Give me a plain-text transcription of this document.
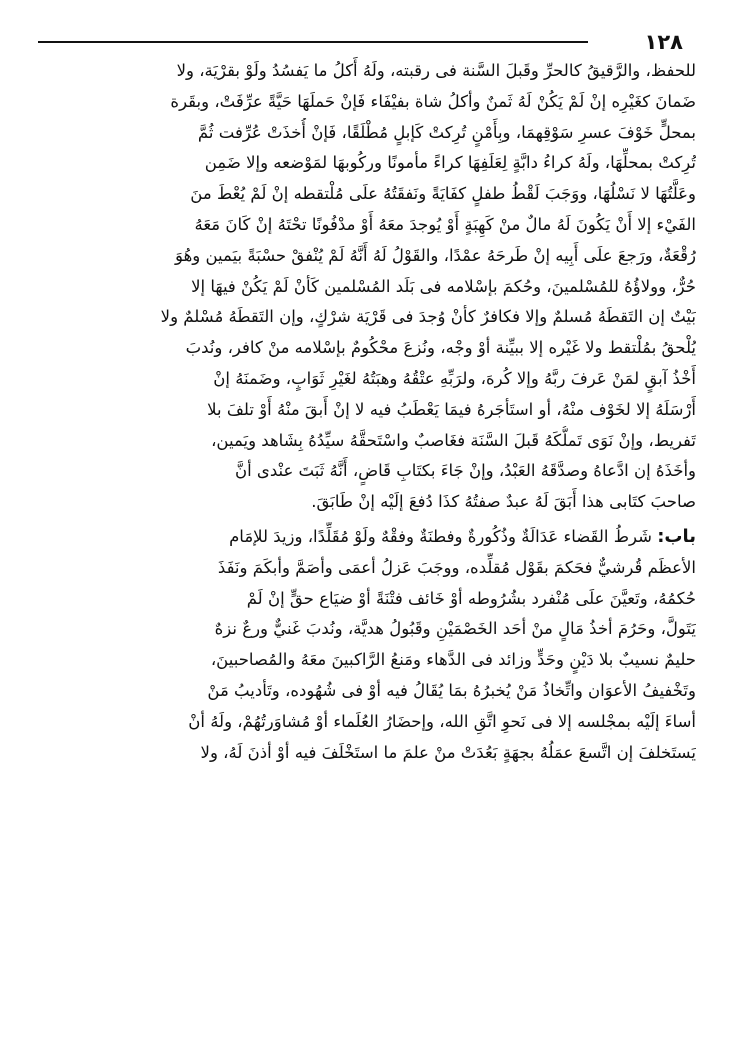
١٢٨
للحفظ، والرَّقيقُ كالحرِّ وقَبلَ السَّنة فى رقبته، ولَهُ أَكلُ ما يَفسُدُ ولَوْ بقرْيَة، ولا
ضَمانَ كغَيْرِه إنْ لَمْ يَكُنْ لَهُ ثَمنٌ وأكلُ شاة بفيْفَاء فَإنْ حَملَهَا حَيَّةً عرِّفَتْ، وبقَرة
بمحلٍّ خَوْفَ عسرِ سَوْقِهمَا، وبِأَمْنٍ تُرِكتْ كَإبلٍ مُطْلَقًا، فَإنْ أُخذَتْ عُرِّفت ثُمَّ
تُرِكتْ بمحلِّهَا، ولَهُ كراءُ دابَّةٍ لِعَلَفِهَا كراءً مأمونًا وركُوبهَا لمَوْضعه وإلا ضَمِن
وعَلَّتُهَا لا نَسْلُهَا، ووَجَبَ لَقْطُ طفلٍ كفَايَةً ونَفقَتُهُ علَى مُلْتقطه إنْ لَمْ يُعْطَ منَ
الفَيْء إلا أَنْ يَكُونَ لَهُ مالٌ منْ كَهِبَةٍ أَوْ يُوجدَ معَهُ أَوْ مدْفُونًا تحْتَهُ إنْ كَانَ مَعَهُ
رُقْعَةٌ، ورَجعَ علَى أَبِيه إنْ طَرحَهُ عمْدًا، والقَوْلُ لَهُ أَنَّهُ لَمْ يُنْفقْ حسْبَةً بيَمين وهُوَ
حُرٌّ، وولاؤُهُ للمُسْلمينَ، وحُكمَ بإسْلامه فى بَلَد المُسْلمين كَأنْ لَمْ يَكُنْ فيهَا إلا
بَيْتٌ إن التَقطَهُ مُسلمٌ وإلا فكافرٌ كأنْ وُجدَ فى قَرْيَة شرْكٍ، وإن التَقطَهُ مُسْلمٌ ولا
يُلْحقُ بمُلْتقط ولا غَيْره إلا ببيِّنة أوْ وجْه، ونُزعَ محْكُومٌ بإسْلامه منْ كافر، ونُدبَ
أَخْذُ آبقٍ لمَنْ عَرفَ ربَّهُ وإلا كُرهَ، ولرَبِّهِ عتْقُهُ وهبَتُهُ لغَيْرِ ثَوَابٍ، وضَمنَهُ إنْ
أَرْسَلَهُ إلا لخَوْف منْهُ، أو استَأجَرهُ فيمَا يَعْطَبُ فيه لا إنْ أَبقَ منْهُ أَوْ تلفَ بلا
تَفريط، وإنْ نَوَى تَملُّكَهُ قَبلَ السَّنَة فغَاصبٌ واسْتَحقَّهُ سيِّدُهُ بِشَاهد ويَمين،
وأخَذَهُ إن ادَّعاهُ وصدَّقَهُ العَبْدُ، وإنْ جَاءَ بكتَابِ قَاضٍ، أَنَّهُ ثَبَتَ عنْدى أنَّ
صاحبَ كتَابى هذا أَبَقَ لَهُ عبدٌ صفتُهُ كذَا دُفعَ إلَيْه إنْ طَابَقَ.
باب: شَرطُ القَضاء عَدَالَةٌ وذُكُورةٌ وفطنَةٌ وفقْهٌ ولَوْ مُقَلِّدًا، وزيدَ للإمَام
الأعظَم قُرشيٌّ فحَكمَ بقَوْل مُقلِّده، ووجَبَ عَزلُ أعمَى وأصَمَّ وأبكَمَ ونَفَذَ
حُكمُهُ، وتَعيَّنَ علَى مُنْفرد بشُرُوطه أوْ خَائف فتْنَةً أوْ ضيَاع حقٍّ إنْ لَمْ
يَتَولَّ، وحَرُمَ أخذُ مَالٍ منْ أحَد الخَصْمَيْنِ وقَبُولُ هديَّة، ونُدبَ غَنيٌّ ورعٌ نزهٌ
حليمٌ نسيبٌ بلا دَيْنٍ وحَدٍّ وزائد فى الدَّهاء ومَنعُ الرَّاكبينَ معَهُ والمُصاحبينَ،
وتَخْفيفُ الأعوَان واتِّخاذُ مَنْ يُخبرُهُ بمَا يُقَالُ فيه أوْ فى شُهُوده، وتَأديبُ مَنْ
أساءَ إلَيْه بمجْلسه إلا فى نَحوِ اتَّقِ الله، وإحضَارُ العُلَماء أوْ مُشاوَرتُهُمْ، ولَهُ أنْ
يَستَخلفَ إن اتَّسعَ عمَلُهُ بجهَةٍ بَعُدَتْ منْ علمَ ما استَخْلَفَ فيه أوْ أذنَ لَهُ، ولا
